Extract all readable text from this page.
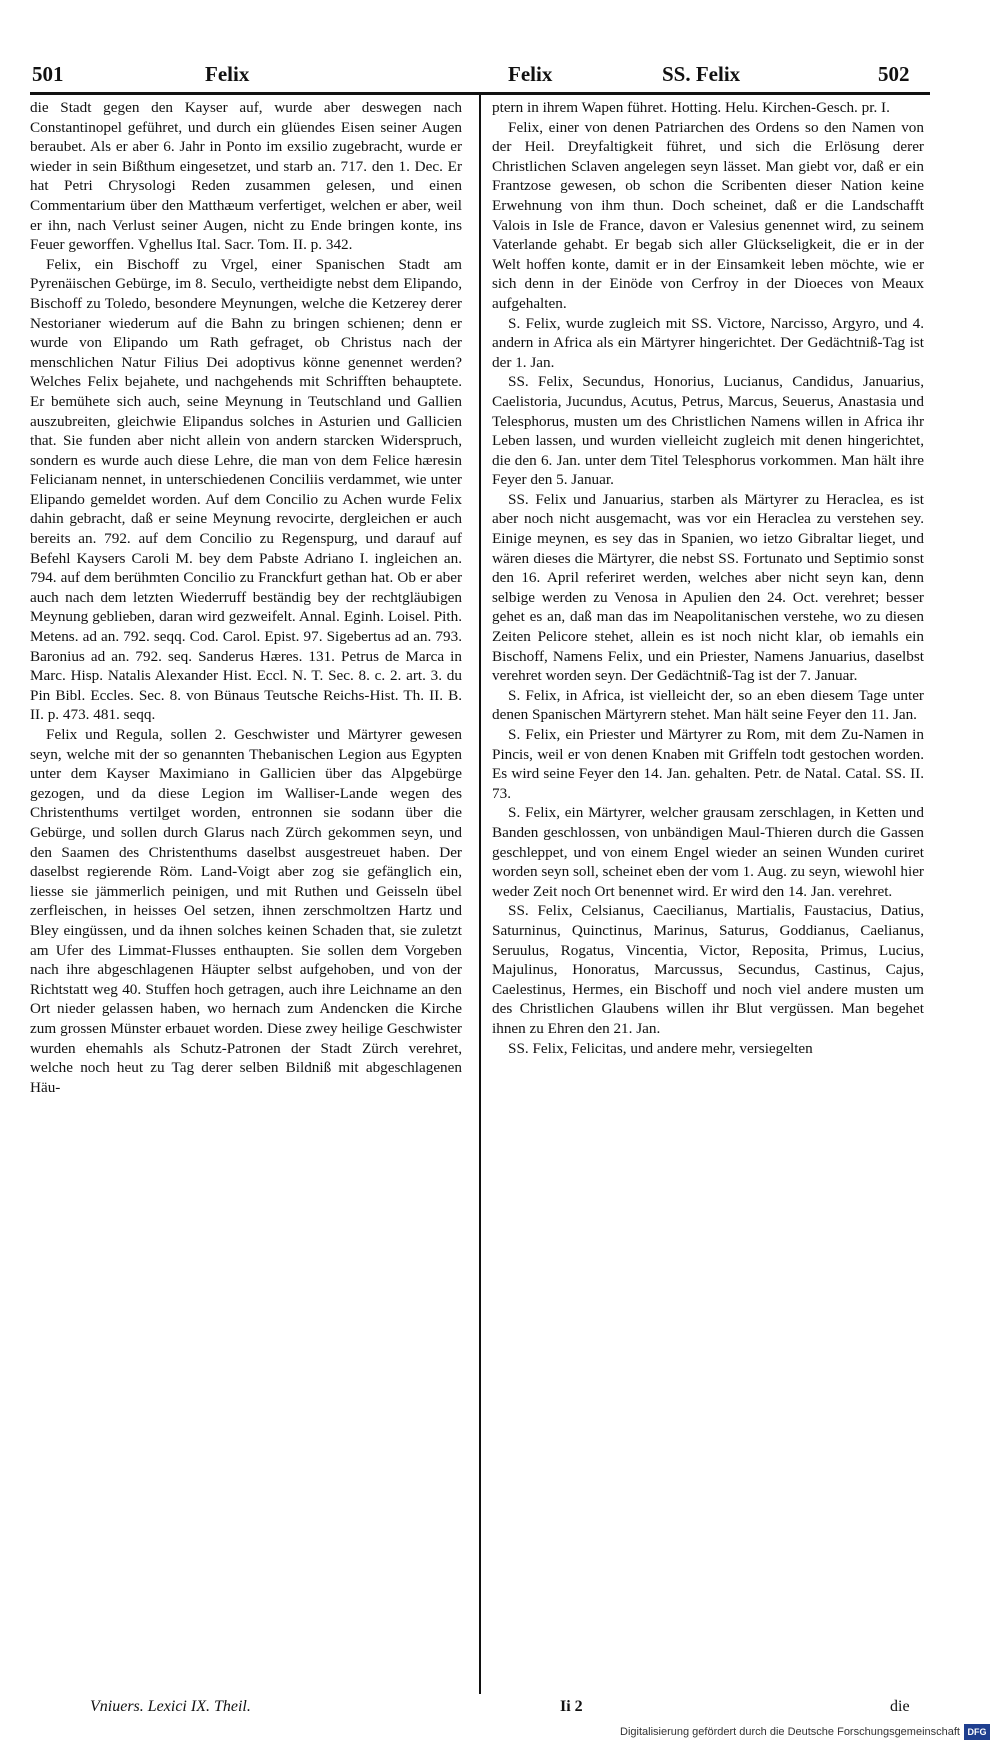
501	Felix	Felix	SS. Felix	502

die Stadt gegen den Kayser auf, wurde aber deswegen nach Constantinopel geführet, und durch ein glüendes Eisen seiner Augen beraubet. Als er aber 6. Jahr in Ponto im exsilio zugebracht, wurde er wieder in sein Bißthum eingesetzet, und starb an. 717. den 1. Dec. Er hat Petri Chrysologi Reden zusammen gelesen, und einen Commentarium über den Matthæum verfertiget, welchen er aber, weil er ihn, nach Verlust seiner Augen, nicht zu Ende bringen konte, ins Feuer geworffen. Vghellus Ital. Sacr. Tom. II. p. 342.

Felix, ein Bischoff zu Vrgel, einer Spanischen Stadt am Pyrenäischen Gebürge, im 8. Seculo, vertheidigte nebst dem Elipando, Bischoff zu Toledo, besondere Meynungen, welche die Ketzerey derer Nestorianer wiederum auf die Bahn zu bringen schienen; denn er wurde von Elipando um Rath gefraget, ob Christus nach der menschlichen Natur Filius Dei adoptivus könne genennet werden? Welches Felix bejahete, und nachgehends mit Schrifften behauptete. Er bemühete sich auch, seine Meynung in Teutschland und Gallien auszubreiten, gleichwie Elipandus solches in Asturien und Gallicien that. Sie funden aber nicht allein von andern starcken Widerspruch, sondern es wurde auch diese Lehre, die man von dem Felice hæresin Felicianam nennet, in unterschiedenen Conciliis verdammet, wie unter Elipando gemeldet worden. Auf dem Concilio zu Achen wurde Felix dahin gebracht, daß er seine Meynung revocirte, dergleichen er auch bereits an. 792. auf dem Concilio zu Regenspurg, und darauf auf Befehl Kaysers Caroli M. bey dem Pabste Adriano I. ingleichen an. 794. auf dem berühmten Concilio zu Franckfurt gethan hat. Ob er aber auch nach dem letzten Wiederruff beständig bey der rechtgläubigen Meynung geblieben, daran wird gezweifelt. Annal. Eginh. Loisel. Pith. Metens. ad an. 792. seqq. Cod. Carol. Epist. 97. Sigebertus ad an. 793. Baronius ad an. 792. seq. Sanderus Hæres. 131. Petrus de Marca in Marc. Hisp. Natalis Alexander Hist. Eccl. N. T. Sec. 8. c. 2. art. 3. du Pin Bibl. Eccles. Sec. 8. von Bünaus Teutsche Reichs-Hist. Th. II. B. II. p. 473. 481. seqq.

Felix und Regula, sollen 2. Geschwister und Märtyrer gewesen seyn, welche mit der so genannten Thebanischen Legion aus Egypten unter dem Kayser Maximiano in Gallicien über das Alpgebürge gezogen, und da diese Legion im Walliser-Lande wegen des Christenthums vertilget worden, entronnen sie sodann über die Gebürge, und sollen durch Glarus nach Zürch gekommen seyn, und den Saamen des Christenthums daselbst ausgestreuet haben. Der daselbst regierende Röm. Land-Voigt aber zog sie gefänglich ein, liesse sie jämmerlich peinigen, und mit Ruthen und Geisseln übel zerfleischen, in heisses Oel setzen, ihnen zerschmoltzen Hartz und Bley eingüssen, und da ihnen solches keinen Schaden that, sie zuletzt am Ufer des Limmat-Flusses enthaupten. Sie sollen dem Vorgeben nach ihre abgeschlagenen Häupter selbst aufgehoben, und von der Richtstatt weg 40. Stuffen hoch getragen, auch ihre Leichname an den Ort nieder gelassen haben, wo hernach zum Andencken die Kirche zum grossen Münster erbauet worden. Diese zwey heilige Geschwister wurden ehemahls als Schutz-Patronen der Stadt Zürch verehret, welche noch heut zu Tag derer selben Bildniß mit abgeschlagenen Häu-

ptern in ihrem Wapen führet. Hotting. Helu. Kirchen-Gesch. pr. I.

Felix, einer von denen Patriarchen des Ordens so den Namen von der Heil. Dreyfaltigkeit führet, und sich die Erlösung derer Christlichen Sclaven angelegen seyn lässet. Man giebt vor, daß er ein Frantzose gewesen, ob schon die Scribenten dieser Nation keine Erwehnung von ihm thun. Doch scheinet, daß er die Landschafft Valois in Isle de France, davon er Valesius genennet wird, zu seinem Vaterlande gehabt. Er begab sich aller Glückseligkeit, die er in der Welt hoffen konte, damit er in der Einsamkeit leben möchte, wie er sich denn in der Einöde von Cerfroy in der Dioeces von Meaux aufgehalten.

S. Felix, wurde zugleich mit SS. Victore, Narcisso, Argyro, und 4. andern in Africa als ein Märtyrer hingerichtet. Der Gedächtniß-Tag ist der 1. Jan.

SS. Felix, Secundus, Honorius, Lucianus, Candidus, Januarius, Caelistoria, Jucundus, Acutus, Petrus, Marcus, Seuerus, Anastasia und Telesphorus, musten um des Christlichen Namens willen in Africa ihr Leben lassen, und wurden vielleicht zugleich mit denen hingerichtet, die den 6. Jan. unter dem Titel Telesphorus vorkommen. Man hält ihre Feyer den 5. Januar.

SS. Felix und Januarius, starben als Märtyrer zu Heraclea, es ist aber noch nicht ausgemacht, was vor ein Heraclea zu verstehen sey. Einige meynen, es sey das in Spanien, wo ietzo Gibraltar lieget, und wären dieses die Märtyrer, die nebst SS. Fortunato und Septimio sonst den 16. April referiret werden, welches aber nicht seyn kan, denn selbige werden zu Venosa in Apulien den 24. Oct. verehret; besser gehet es an, daß man das im Neapolitanischen verstehe, wo zu diesen Zeiten Pelicore stehet, allein es ist noch nicht klar, ob iemahls ein Bischoff, Namens Felix, und ein Priester, Namens Januarius, daselbst verehret worden seyn. Der Gedächtniß-Tag ist der 7. Januar.

S. Felix, in Africa, ist vielleicht der, so an eben diesem Tage unter denen Spanischen Märtyrern stehet. Man hält seine Feyer den 11. Jan.

S. Felix, ein Priester und Märtyrer zu Rom, mit dem Zu-Namen in Pincis, weil er von denen Knaben mit Griffeln todt gestochen worden. Es wird seine Feyer den 14. Jan. gehalten. Petr. de Natal. Catal. SS. II. 73.

S. Felix, ein Märtyrer, welcher grausam zerschlagen, in Ketten und Banden geschlossen, von unbändigen Maul-Thieren durch die Gassen geschleppet, und von einem Engel wieder an seinen Wunden curiret worden seyn soll, scheinet eben der vom 1. Aug. zu seyn, wiewohl hier weder Zeit noch Ort benennet wird. Er wird den 14. Jan. verehret.

SS. Felix, Celsianus, Caecilianus, Martialis, Faustacius, Datius, Saturninus, Quinctinus, Marinus, Saturus, Goddianus, Caelianus, Seruulus, Rogatus, Vincentia, Victor, Reposita, Primus, Lucius, Majulinus, Honoratus, Marcussus, Secundus, Castinus, Cajus, Caelestinus, Hermes, ein Bischoff und noch viel andere musten um des Christlichen Glaubens willen ihr Blut vergüssen. Man begehet ihnen zu Ehren den 21. Jan.

SS. Felix, Felicitas, und andere mehr, versiegelten

Vniuers. Lexici IX. Theil.	Ii 2	die
Digitalisierung gefördert durch die Deutsche Forschungsgemeinschaft DFG
